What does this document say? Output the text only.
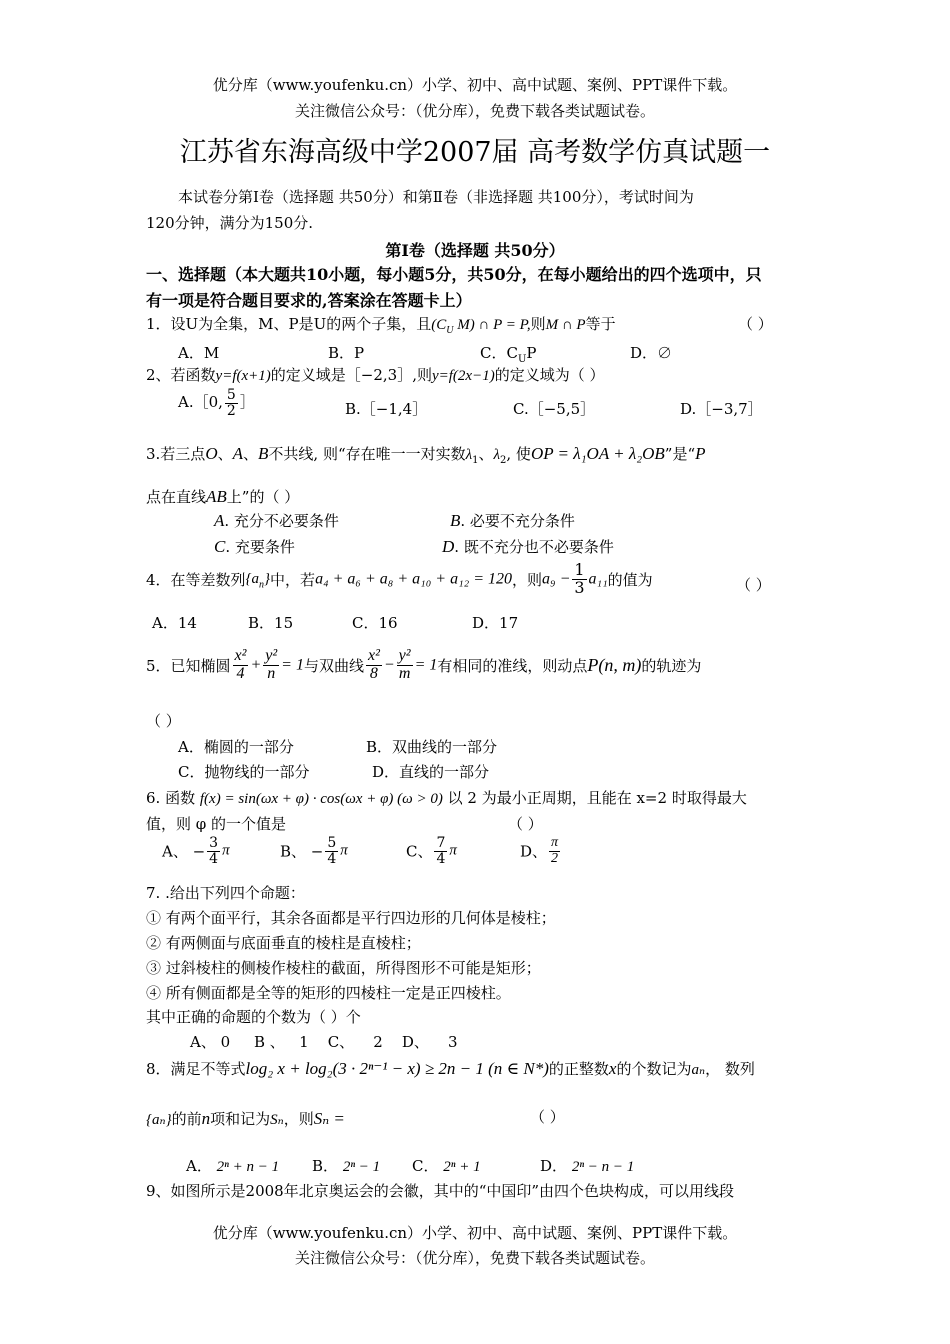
优分库（www.youfenku.cn）小学、初中、高中试题、案例、PPT课件下载。
关注微信公众号：（优分库），免费下载各类试题试卷。
江苏省东海高级中学2007届 高考数学仿真试题一
本试卷分第Ⅰ卷（选择题 共50分）和第Ⅱ卷（非选择题 共100分），考试时间为
120分钟，满分为150分.
第Ⅰ卷（选择题 共50分）
一、选择题（本大题共10小题，每小题5分，共50分，在每小题给出的四个选项中，只
有一项是符合题目要求的,答案涂在答题卡上）
1．设U为全集，M、P是U的两个子集，且($C_U$ M) ∩ P = P,则M ∩ P等于	（ ）
A．M	B．P	C．$C_UP$	D．∅
2、若函数y=f(x+1)的定义域是［−2,3］,则y=f(2x−1)的定义域为（ ）
A.［0, $\frac{5}{2}$ ］	B.［−1,4］	C.［−5,5］	D.［−3,7］
3.若三点O、A、B不共线, 则“存在唯一一对实数$\lambda_1$、$\lambda_2$, 使OP = λ₁OA + λ₂OB”是“P
点在直线AB上”的（ ）
A. 充分不必要条件	B. 必要不充分条件
C. 充要条件	D. 既不充分也不必要条件
4．在等差数列$\{a_n\}$中，若a₄ + a₆ + a₈ + a₁₀ + a₁₂ = 120，则$a_9 - \frac{1}{3} a_{11}$的值为	（ ）
A．14	B．15	C．16	D．17
5．已知椭圆 $\frac{\text{x²}}{4} + \frac{\text{y²}}{n} = 1$与双曲线 $\frac{\text{x²}}{8} - \frac{\text{y²}}{m} = 1$有相同的准线，则动点P(n, m)的轨迹为
（ ）
A．椭圆的一部分	B．双曲线的一部分
C．抛物线的一部分	D．直线的一部分
6. 函数 f(x) = sin(ωx + φ) · cos(ωx + φ) (ω > 0) 以 2 为最小正周期，且能在 x=2 时取得最大
值，则 φ 的一个值是	（ ）
A、 − $\frac{3}{4}$ π	B、 − $\frac{5}{4}$ π	C、 $\frac{7}{4}$ π	D、 $\frac{\pi}{2}$
7. .给出下列四个命题：
① 有两个面平行，其余各面都是平行四边形的几何体是棱柱；
② 有两侧面与底面垂直的棱柱是直棱柱；
③ 过斜棱柱的侧棱作棱柱的截面，所得图形不可能是矩形；
④ 所有侧面都是全等的矩形的四棱柱一定是正四棱柱。
其中正确的命题的个数为（ ）个
A、 0     B 、   1    C、    2    D、    3
8．满足不等式log₂ x + log₂(3 · 2ⁿ⁻¹ − x) ≥ 2n − 1 (n ∈ N*)的正整数x的个数记为aₙ， 数列
{aₙ}的前n项和记为Sₙ，则Sₙ =	（ ）
A． 2ⁿ + n − 1 B． 2ⁿ − 1 C． 2ⁿ + 1	D． 2ⁿ − n − 1
9、如图所示是2008年北京奥运会的会徽，其中的“中国印”由四个色块构成，可以用线段
优分库（www.youfenku.cn）小学、初中、高中试题、案例、PPT课件下载。
关注微信公众号：（优分库），免费下载各类试题试卷。
